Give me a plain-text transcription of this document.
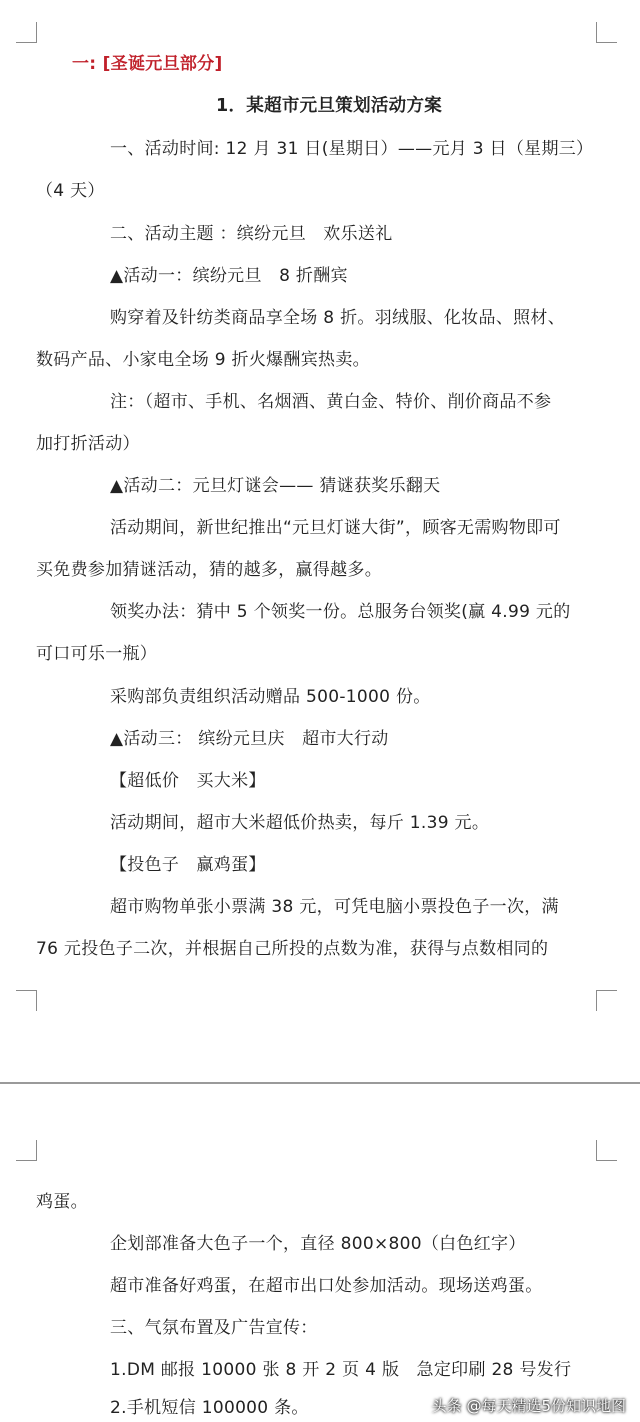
一: [圣诞元旦部分]
1．某超市元旦策划活动方案
一、活动时间: 12 月 31 日(星期日）——元月 3 日（星期三）
（4 天）
二、活动主题 ：缤纷元旦　欢乐送礼
▲活动一：缤纷元旦　8 折酬宾
购穿着及针纺类商品享全场 8 折。羽绒服、化妆品、照材、
数码产品、小家电全场 9 折火爆酬宾热卖。
注：（超市、手机、名烟酒、黄白金、特价、削价商品不参
加打折活动）
▲活动二：元旦灯谜会—— 猜谜获奖乐翻天
活动期间，新世纪推出“元旦灯谜大街”，顾客无需购物即可
买免费参加猜谜活动，猜的越多，赢得越多。
领奖办法：猜中 5 个领奖一份。总服务台领奖(赢 4.99 元的
可口可乐一瓶）
采购部负责组织活动赠品 500-1000 份。
▲活动三： 缤纷元旦庆　超市大行动
【超低价　买大米】
活动期间，超市大米超低价热卖，每斤 1.39 元。
【投色子　赢鸡蛋】
超市购物单张小票满 38 元，可凭电脑小票投色子一次，满
76 元投色子二次，并根据自己所投的点数为准，获得与点数相同的
鸡蛋。
企划部准备大色子一个，直径 800×800（白色红字）
超市准备好鸡蛋，在超市出口处参加活动。现场送鸡蛋。
三、气氛布置及广告宣传：
1.DM 邮报 10000 张 8 开 2 页 4 版　急定印刷 28 号发行
2.手机短信 100000 条。	头条 @每天精选5份知识地图
